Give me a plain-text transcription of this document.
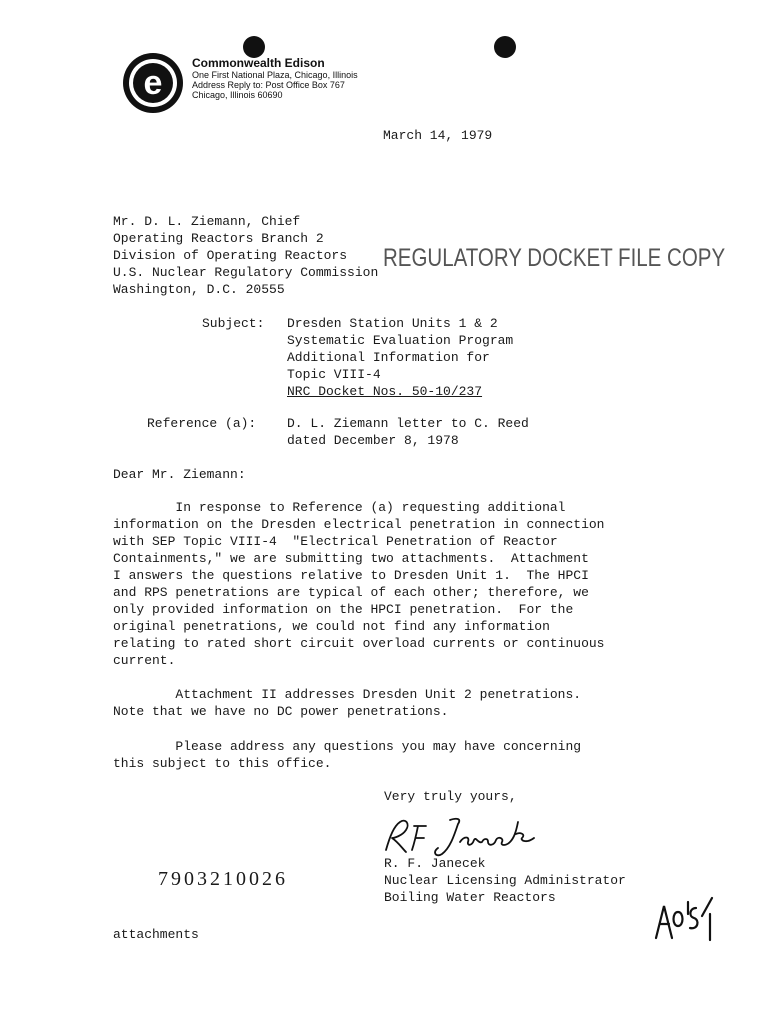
e
Commonwealth Edison
One First National Plaza, Chicago, Illinois
Address Reply to: Post Office Box 767
Chicago, Illinois 60690
March 14, 1979
Mr. D. L. Ziemann, Chief
Operating Reactors Branch 2
Division of Operating Reactors
U.S. Nuclear Regulatory Commission
Washington, D.C. 20555
REGULATORY DOCKET FILE COPY
Subject: Dresden Station Units 1 & 2
Systematic Evaluation Program
Additional Information for
Topic VIII-4
NRC Docket Nos. 50-10/237
Reference (a): D. L. Ziemann letter to C. Reed
dated December 8, 1978
Dear Mr. Ziemann:

In response to Reference (a) requesting additional

information on the Dresden electrical penetration in connection

with SEP Topic VIII-4  "Electrical Penetration of Reactor

Containments," we are submitting two attachments.  Attachment

I answers the questions relative to Dresden Unit 1.  The HPCI

and RPS penetrations are typical of each other; therefore, we

only provided information on the HPCI penetration.  For the

original penetrations, we could not find any information

relating to rated short circuit overload currents or continuous

current.

Attachment II addresses Dresden Unit 2 penetrations.

Note that we have no DC power penetrations.

Please address any questions you may have concerning

this subject to this office.

Very truly yours,
R. F. Janecek
Nuclear Licensing Administrator
Boiling Water Reactors
7903210026
attachments
